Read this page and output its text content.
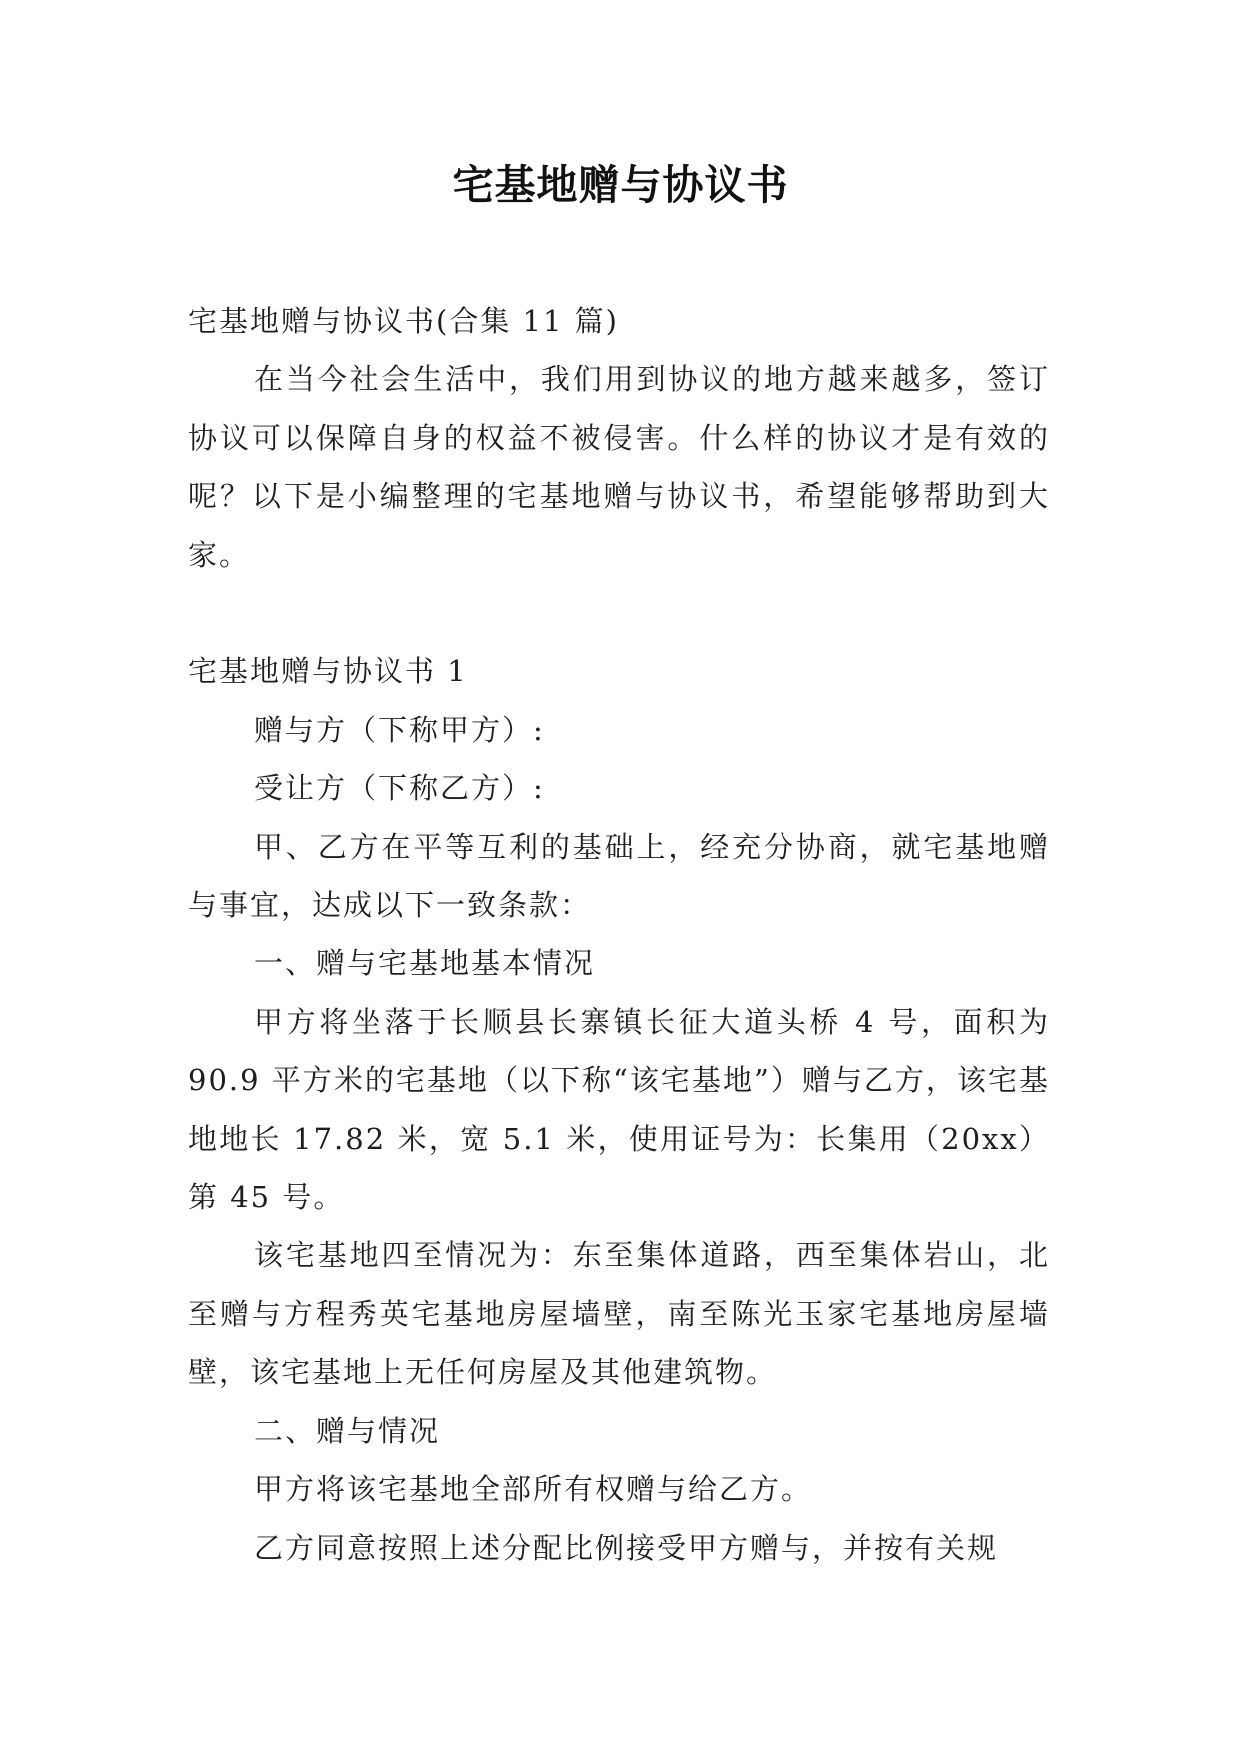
宅基地赠与协议书

宅基地赠与协议书(合集 11 篇)

在当今社会生活中，我们用到协议的地方越来越多，签订协议可以保障自身的权益不被侵害。什么样的协议才是有效的呢？以下是小编整理的宅基地赠与协议书，希望能够帮助到大家。

宅基地赠与协议书 1

赠与方（下称甲方）:

受让方（下称乙方）:

甲、乙方在平等互利的基础上，经充分协商，就宅基地赠与事宜，达成以下一致条款：

一、赠与宅基地基本情况

甲方将坐落于长顺县长寨镇长征大道头桥 4 号，面积为 90.9 平方米的宅基地（以下称“该宅基地”）赠与乙方，该宅基地地长 17.82 米，宽 5.1 米，使用证号为：长集用（20xx）第 45 号。

该宅基地四至情况为：东至集体道路，西至集体岩山，北至赠与方程秀英宅基地房屋墙壁，南至陈光玉家宅基地房屋墙壁，该宅基地上无任何房屋及其他建筑物。

二、赠与情况

甲方将该宅基地全部所有权赠与给乙方。

乙方同意按照上述分配比例接受甲方赠与，并按有关规
